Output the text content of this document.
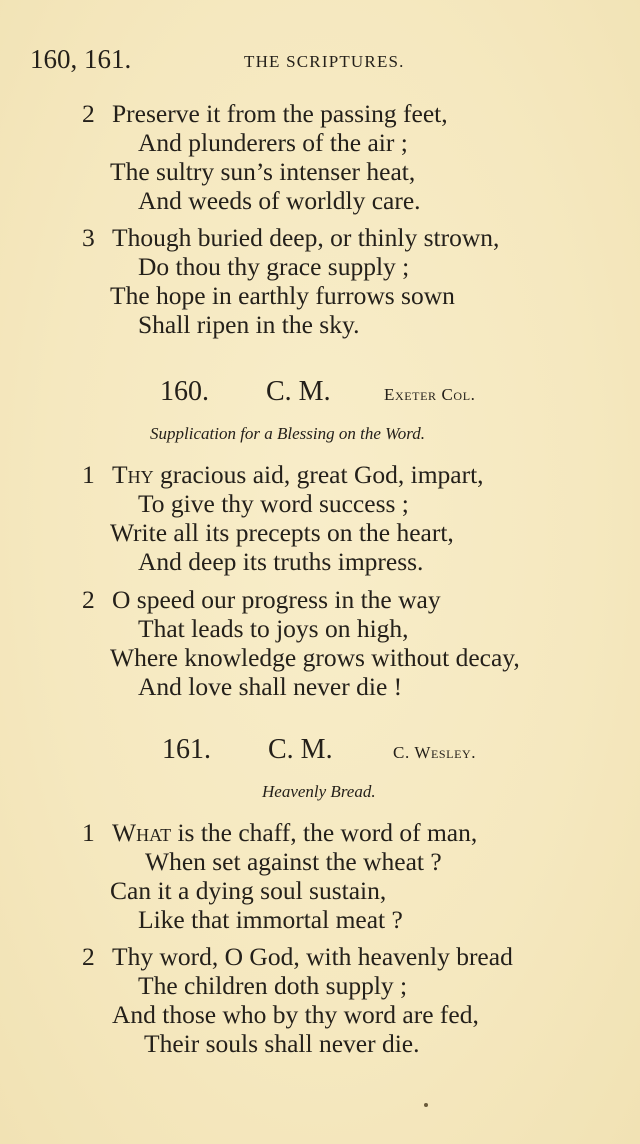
160, 161.	THE SCRIPTURES.
2 Preserve it from the passing feet,
And plunderers of the air ;
The sultry sun’s intenser heat,
And weeds of worldly care.
3 Though buried deep, or thinly strown,
Do thou thy grace supply ;
The hope in earthly furrows sown
Shall ripen in the sky.
160. C. M.	Exeter Col.
Supplication for a Blessing on the Word.
1 Thy gracious aid, great God, impart,
To give thy word success ;
Write all its precepts on the heart,
And deep its truths impress.
2 O speed our progress in the way
That leads to joys on high,
Where knowledge grows without decay,
And love shall never die !
161. C. M.	C. Wesley.
Heavenly Bread.
1 What is the chaff, the word of man,
When set against the wheat ?
Can it a dying soul sustain,
Like that immortal meat ?
2 Thy word, O God, with heavenly bread
The children doth supply ;
And those who by thy word are fed,
Their souls shall never die.
